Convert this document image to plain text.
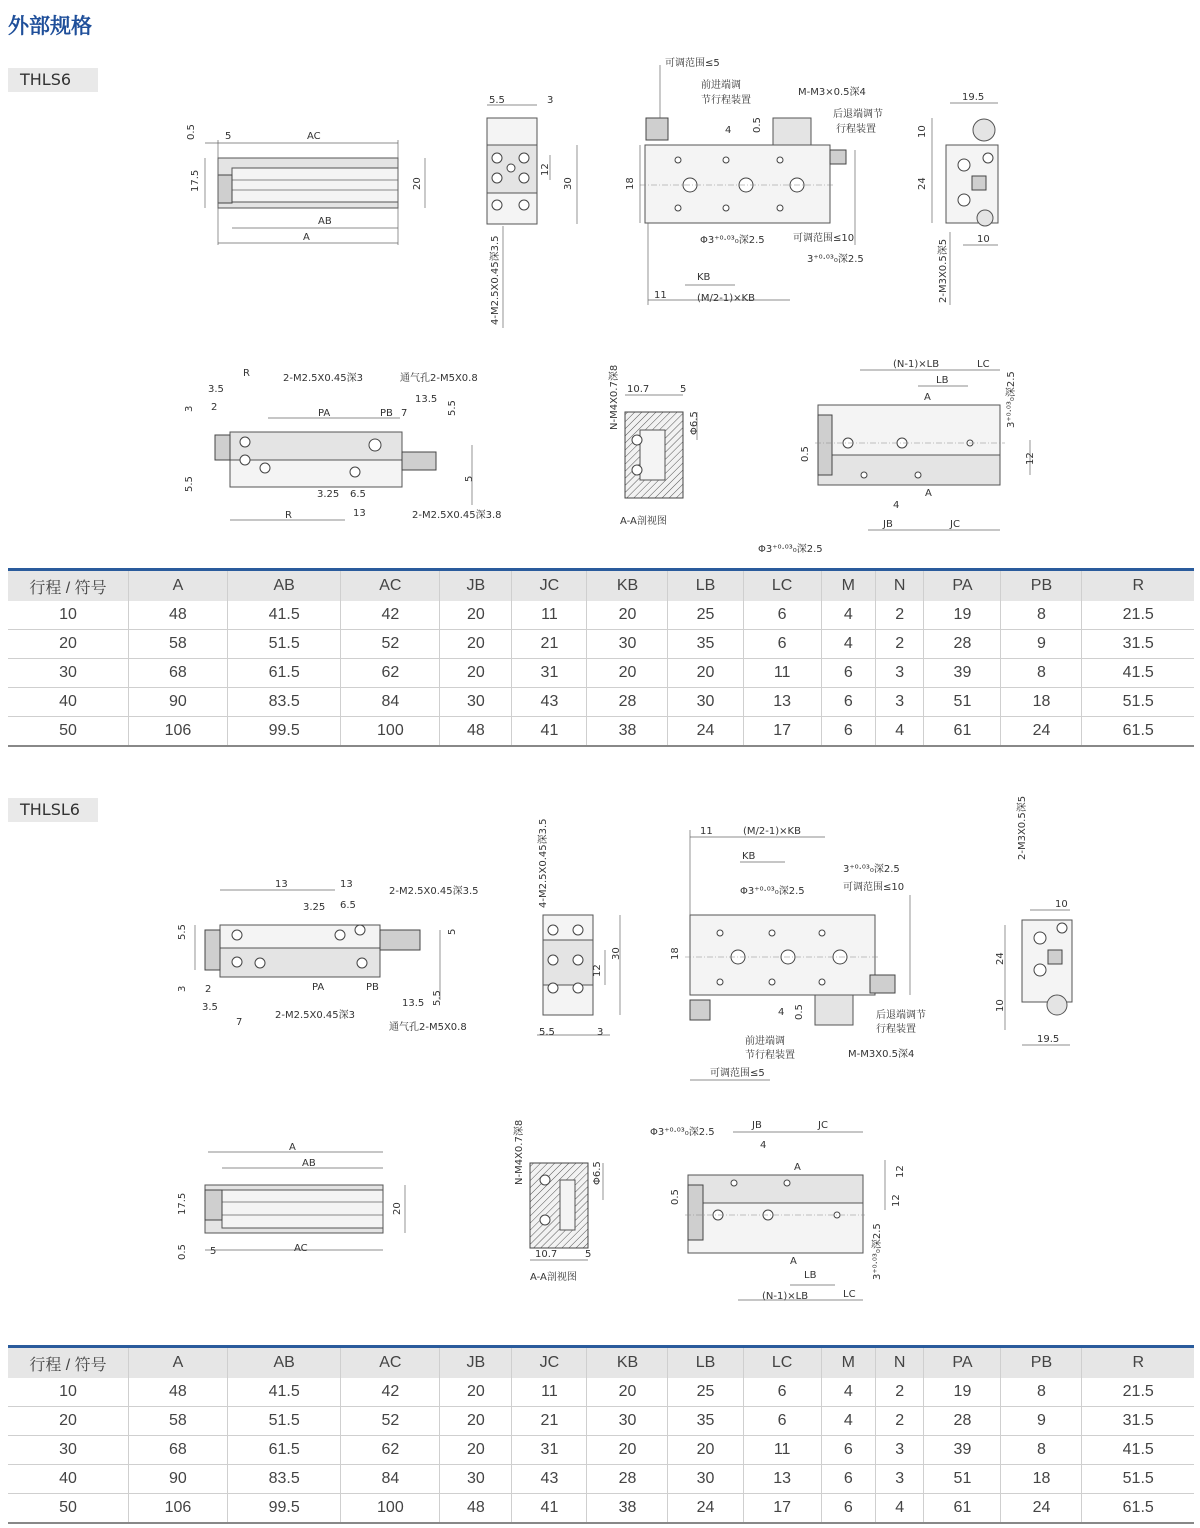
外部规格
THLS6
0.5	5	AC
17.5	20
AB
A
5.5	3
12
30
4-M2.5X0.45深3.5
可调范围≤5
前进端调
节行程装置
M-M3×0.5深4
后退端调节
行程装置
4 0.5
18
Φ3⁺⁰·⁰³₀深2.5	可调范围≤10
3⁺⁰·⁰³₀深2.5
KB
11	(M/2-1)×KB
19.5
10
24
10
2-M3X0.5深5
R
3.5
2
3
2-M2.5X0.45深3	通气孔2-M5X0.8
PA	PB 7
13.5
5.5
5
5.5
3.25 6.5
R	13	2-M2.5X0.45深3.8
N-M4X0.7深8 10.7	5
Φ6.5
A-A剖视图
(N-1)×LB	LC
LB
A	3⁺⁰·⁰³₀深2.5
0.5	12
4
A
JB	JC
Φ3⁺⁰·⁰³₀深2.5
行程 / 符号	A	AB	AC	JB	JC	KB	LB	LC	M	N	PA	PB	R
10	48	41.5	42	20	11	20	25	6	4	2	19	8	21.5
20	58	51.5	52	20	21	30	35	6	4	2	28	9	31.5
30	68	61.5	62	20	31	20	20	11	6	3	39	8	41.5
40	90	83.5	84	30	43	28	30	13	6	3	51	18	51.5
50	106	99.5	100	48	41	38	24	17	6	4	61	24	61.5
THLSL6
13	13
3.25 6.5
2-M2.5X0.45深3.5
5.5
3
5
PA	PB
2
3.5
7
2-M2.5X0.45深3
13.5 5.5
通气孔2-M5X0.8
4-M2.5X0.45深3.5
30
12
5.5	3
11	(M/2-1)×KB
KB
3⁺⁰·⁰³₀深2.5
Φ3⁺⁰·⁰³₀深2.5	可调范围≤10
18
4 0.5	后退端调节
行程装置
前进端调
节行程装置	M-M3X0.5深4
可调范围≤5
2-M3X0.5深5
10
24
10
19.5
A
AB
17.5	20
0.5 5	AC
N-M4X0.7深8	Φ6.5
10.7	5
A-A剖视图
Φ3⁺⁰·⁰³₀深2.5
JB	JC
4
A	12
0.5	12
A
LB	3⁺⁰·⁰³₀深2.5
(N-1)×LB	LC
行程 / 符号	A	AB	AC	JB	JC	KB	LB	LC	M	N	PA	PB	R
10	48	41.5	42	20	11	20	25	6	4	2	19	8	21.5
20	58	51.5	52	20	21	30	35	6	4	2	28	9	31.5
30	68	61.5	62	20	31	20	20	11	6	3	39	8	41.5
40	90	83.5	84	30	43	28	30	13	6	3	51	18	51.5
50	106	99.5	100	48	41	38	24	17	6	4	61	24	61.5
